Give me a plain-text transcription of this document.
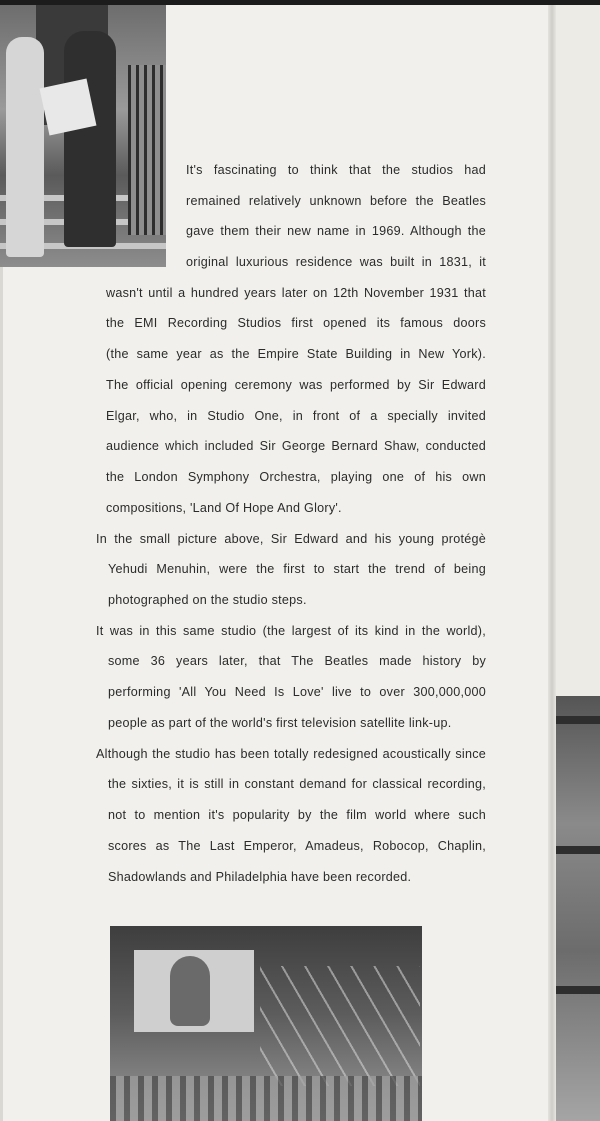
It's fascinating to think that the studios had

remained relatively unknown before the Beatles

gave them their new name in 1969. Although the

original luxurious residence was built in 1831, it

wasn't until a hundred years later on 12th November 1931 that

the EMI Recording Studios first opened its famous doors

(the same year as the Empire State Building in New York).

The official opening ceremony was performed by Sir Edward

Elgar, who, in Studio One, in front of a specially invited

audience which included Sir George Bernard Shaw, conducted

the London Symphony Orchestra, playing one of his own

compositions, 'Land Of Hope And Glory'.

In the small picture above, Sir Edward and his young protégè

Yehudi Menuhin, were the first to start the trend of being

photographed on the studio steps.

It was in this same studio (the largest of its kind in the world),

some 36 years later, that The Beatles made history by

performing 'All You Need Is Love' live to over 300,000,000

people as part of the world's first television satellite link-up.

Although the studio has been totally redesigned acoustically since

the sixties, it is still in constant demand for classical recording,

not to mention it's popularity by the film world where such

scores as The Last Emperor, Amadeus, Robocop, Chaplin,

Shadowlands and Philadelphia have been recorded.
